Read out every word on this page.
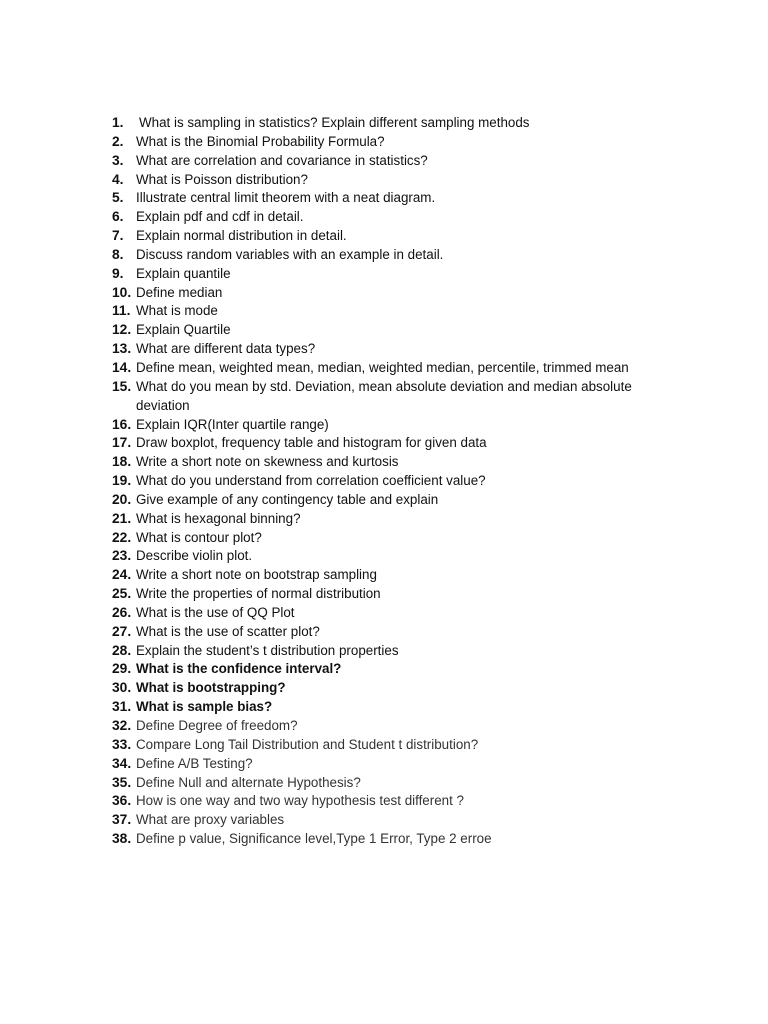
1.	What is sampling in statistics? Explain different sampling methods
2. What is the Binomial Probability Formula?
3. What are correlation and covariance in statistics?
4. What is Poisson distribution?
5. Illustrate central limit theorem with a neat diagram.
6. Explain pdf and cdf in detail.
7. Explain normal distribution in detail.
8. Discuss random variables with an example in detail.
9. Explain quantile
10. Define median
11. What is mode
12. Explain Quartile
13. What are different data types?
14. Define mean, weighted mean, median, weighted median, percentile, trimmed mean
15. What do you mean by std. Deviation, mean absolute deviation and median absolute deviation
16. Explain IQR(Inter quartile range)
17. Draw boxplot, frequency table and histogram for given data
18. Write a short note on skewness and kurtosis
19. What do you understand from correlation coefficient value?
20. Give example of any contingency table and explain
21. What is hexagonal binning?
22. What is contour plot?
23. Describe violin plot.
24. Write a short note on bootstrap sampling
25. Write the properties of normal distribution
26. What is the use of QQ Plot
27. What is the use of scatter plot?
28. Explain the student’s t distribution properties
29. What is the confidence interval?
30. What is bootstrapping?
31. What is sample bias?
32. Define Degree of freedom?
33. Compare Long Tail Distribution and Student t distribution?
34. Define A/B Testing?
35. Define Null and alternate Hypothesis?
36. How is one way and two way hypothesis test different ?
37. What are proxy variables
38. Define p value, Significance level,Type 1 Error, Type 2 erroe
